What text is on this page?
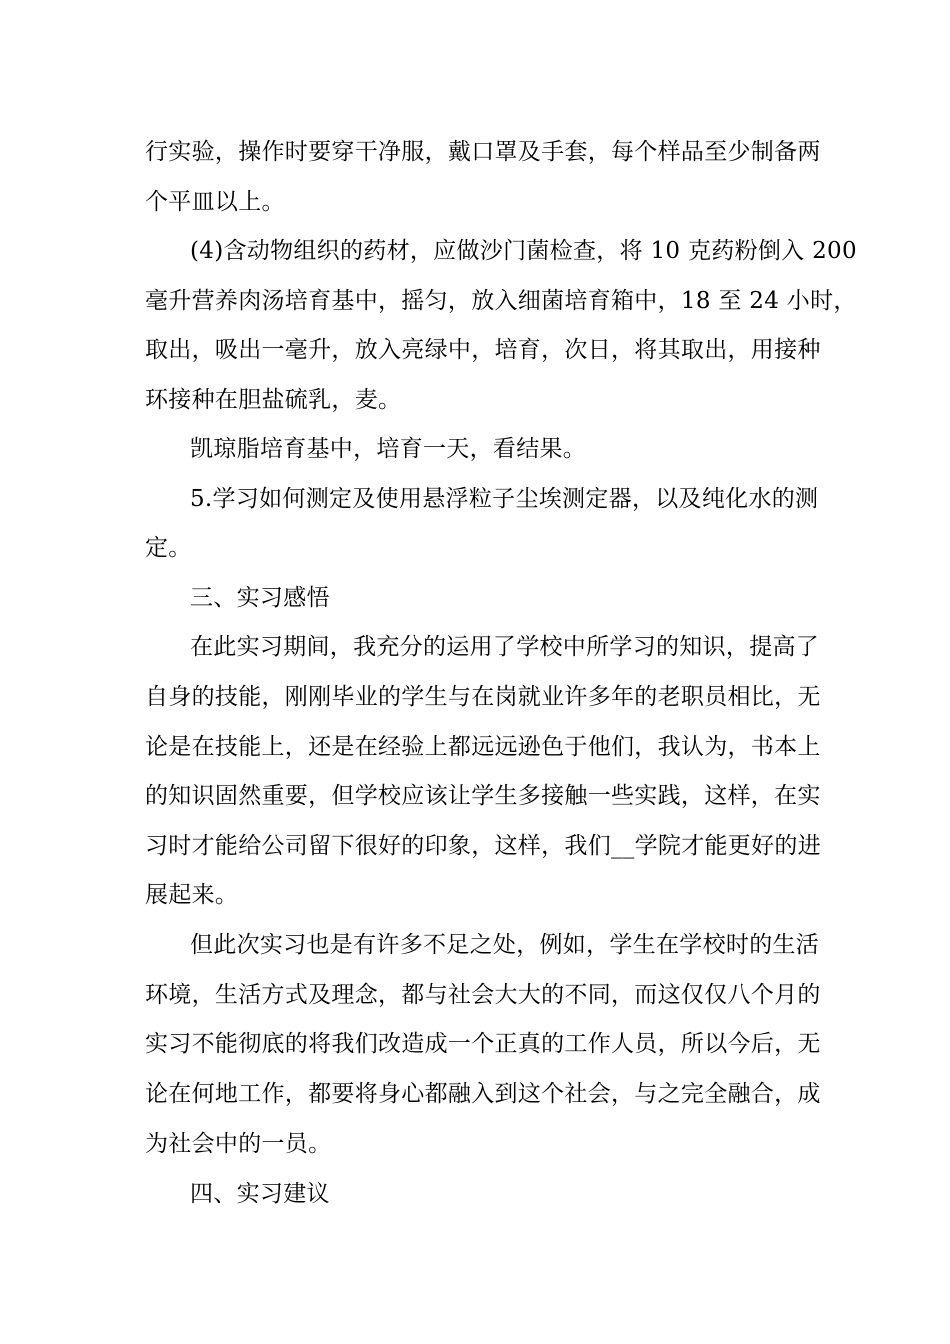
行实验，操作时要穿干净服，戴口罩及手套，每个样品至少制备两
个平皿以上。
(4)含动物组织的药材，应做沙门菌检查，将 10 克药粉倒入 200
毫升营养肉汤培育基中，摇匀，放入细菌培育箱中，18 至 24 小时，
取出，吸出一毫升，放入亮绿中，培育，次日，将其取出，用接种
环接种在胆盐硫乳，麦。
凯琼脂培育基中，培育一天，看结果。
5.学习如何测定及使用悬浮粒子尘埃测定器，以及纯化水的测
定。
三、实习感悟
在此实习期间，我充分的运用了学校中所学习的知识，提高了
自身的技能，刚刚毕业的学生与在岗就业许多年的老职员相比，无
论是在技能上，还是在经验上都远远逊色于他们，我认为，书本上
的知识固然重要，但学校应该让学生多接触一些实践，这样，在实
习时才能给公司留下很好的印象，这样，我们__学院才能更好的进
展起来。
但此次实习也是有许多不足之处，例如，学生在学校时的生活
环境，生活方式及理念，都与社会大大的不同，而这仅仅八个月的
实习不能彻底的将我们改造成一个正真的工作人员，所以今后，无
论在何地工作，都要将身心都融入到这个社会，与之完全融合，成
为社会中的一员。
四、实习建议
